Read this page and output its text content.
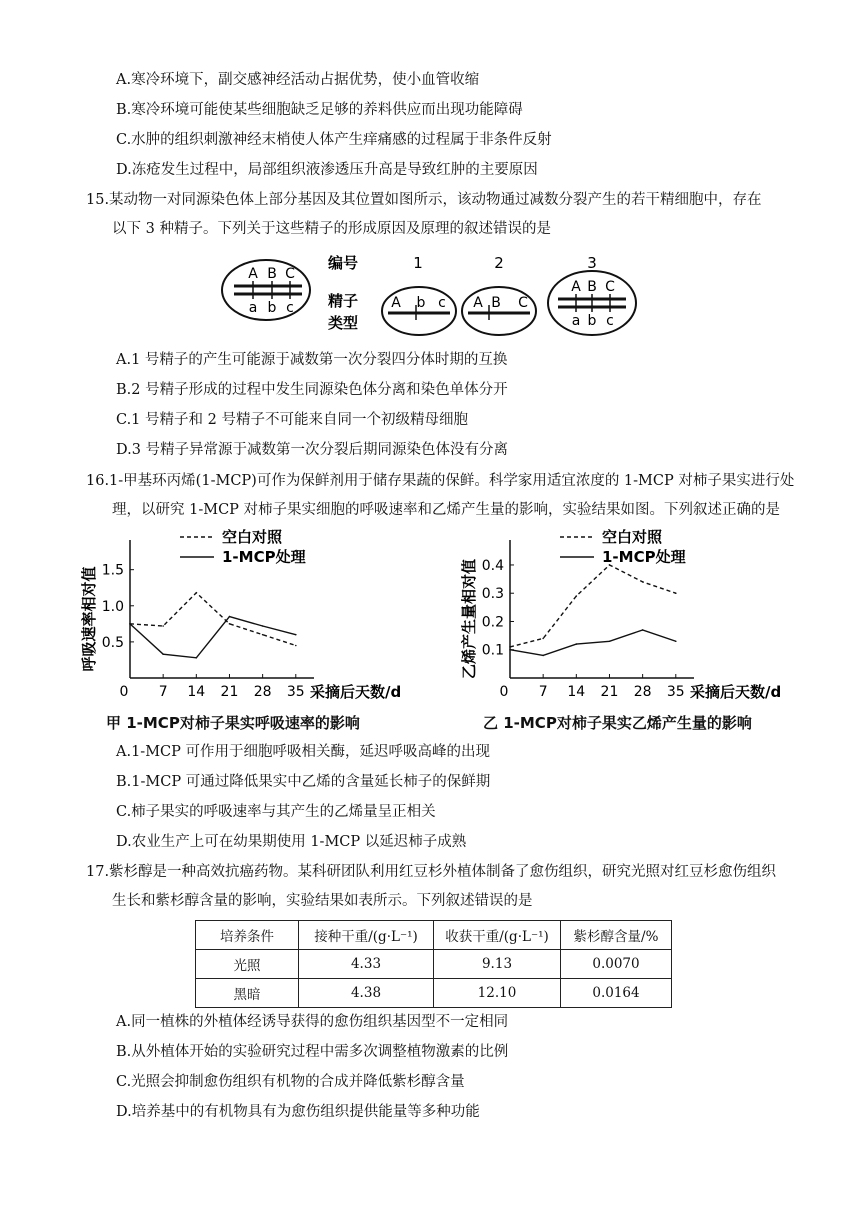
A.寒冷环境下，副交感神经活动占据优势，使小血管收缩
B.寒冷环境可能使某些细胞缺乏足够的养料供应而出现功能障碍
C.水肿的组织刺激神经末梢使人体产生痒痛感的过程属于非条件反射
D.冻疮发生过程中，局部组织液渗透压升高是导致红肿的主要原因
15.某动物一对同源染色体上部分基因及其位置如图所示，该动物通过减数分裂产生的若干精细胞中，存在
以下 3 种精子。下列关于这些精子的形成原因及原理的叙述错误的是
A B C
a b c
编号
精子
类型
1	2	3
A b c A B C
A B C
a b c
A.1 号精子的产生可能源于减数第一次分裂四分体时期的互换
B.2 号精子形成的过程中发生同源染色体分离和染色单体分开
C.1 号精子和 2 号精子不可能来自同一个初级精母细胞
D.3 号精子异常源于减数第一次分裂后期同源染色体没有分离
16.1-甲基环丙烯(1-MCP)可作为保鲜剂用于储存果蔬的保鲜。科学家用适宜浓度的 1-MCP 对柿子果实进行处
理，以研究 1-MCP 对柿子果实细胞的呼吸速率和乙烯产生量的影响，实验结果如图。下列叙述正确的是
0 7 14 21 28 35
0.5
1.0
1.5
采摘后天数/d
呼吸速率相对值
空白对照
1-MCP处理
0 7 14 21 28 35
0.1
0.2
0.3
0.4
采摘后天数/d
乙烯产生量相对值
空白对照
1-MCP处理
甲 1-MCP对柿子果实呼吸速率的影响	乙 1-MCP对柿子果实乙烯产生量的影响
A.1-MCP 可作用于细胞呼吸相关酶，延迟呼吸高峰的出现
B.1-MCP 可通过降低果实中乙烯的含量延长柿子的保鲜期
C.柿子果实的呼吸速率与其产生的乙烯量呈正相关
D.农业生产上可在幼果期使用 1-MCP 以延迟柿子成熟
17.紫杉醇是一种高效抗癌药物。某科研团队利用红豆杉外植体制备了愈伤组织，研究光照对红豆杉愈伤组织
生长和紫杉醇含量的影响，实验结果如表所示。下列叙述错误的是
培养条件	接种干重/(g·L⁻¹)	收获干重/(g·L⁻¹)	紫杉醇含量/%
光照	4.33	9.13	0.0070
黑暗	4.38	12.10	0.0164
A.同一植株的外植体经诱导获得的愈伤组织基因型不一定相同
B.从外植体开始的实验研究过程中需多次调整植物激素的比例
C.光照会抑制愈伤组织有机物的合成并降低紫杉醇含量
D.培养基中的有机物具有为愈伤组织提供能量等多种功能
